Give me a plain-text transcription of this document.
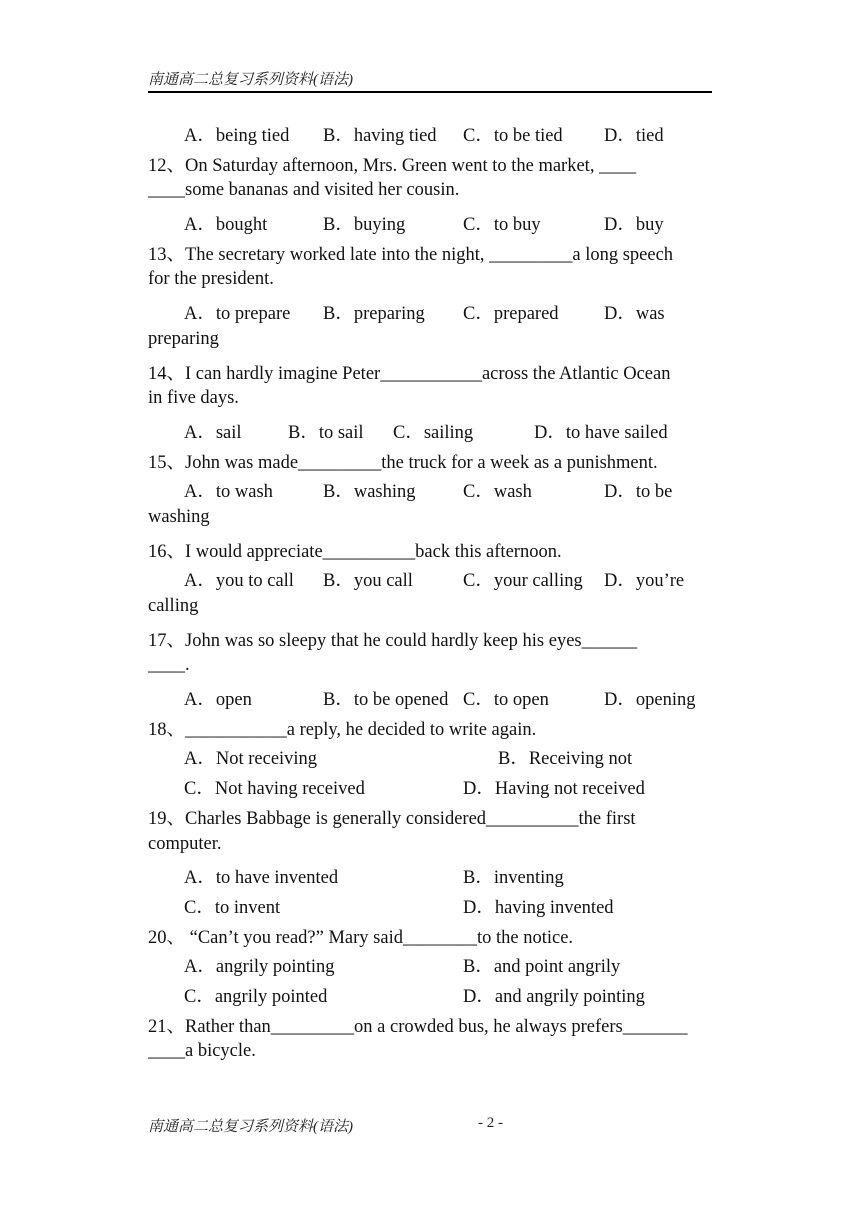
南通高二总复习系列资料(语法)
A．being tied B．having tied C．to be tied D．tied
12、On Saturday afternoon, Mrs. Green went to the market, ____
____some bananas and visited her cousin.
A．bought	B．buying	C．to buy	D．buy
13、The secretary worked late into the night, _________a long speech
for the president.
A．to prepare B．preparing C．prepared D．was
preparing
14、I can hardly imagine Peter___________across the Atlantic Ocean
in five days.
A．sail	B．to sail C．sailing	D．to have sailed
15、John was made_________the truck for a week as a punishment.
A．to wash	B．washing	C．wash	D．to be
washing
16、I would appreciate__________back this afternoon.
A．you to call B．you call	C．your calling D．you’re
calling
17、John was so sleepy that he could hardly keep his eyes______
____.
A．open	B．to be opened C．to open	D．opening
18、___________a reply, he decided to write again.
A．Not receiving	B．Receiving not
C．Not having received	D．Having not received
19、Charles Babbage is generally considered__________the first
computer.
A．to have invented	B．inventing
C．to invent	D．having invented
20、 “Can’t you read?” Mary said________to the notice.
A．angrily pointing	B．and point angrily
C．angrily pointed	D．and angrily pointing
21、Rather than_________on a crowded bus, he always prefers_______
____a bicycle.
南通高二总复习系列资料(语法)	- 2 -
